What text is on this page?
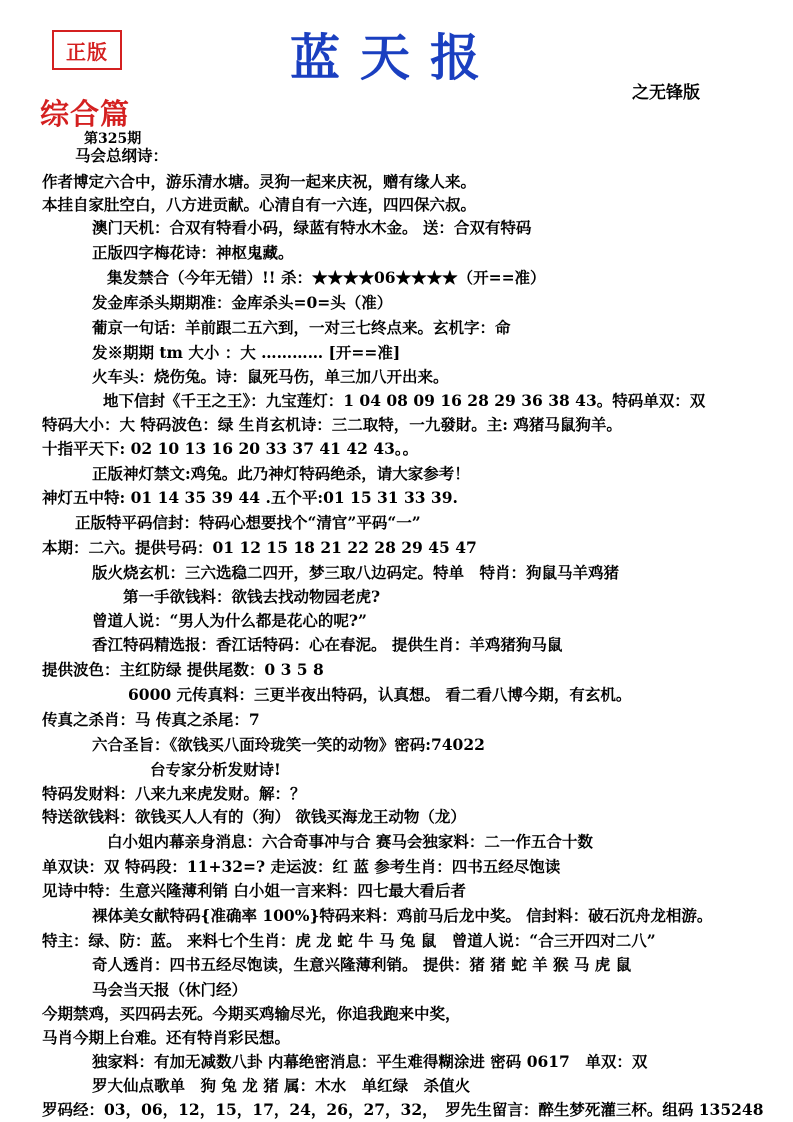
正版	蓝天报
之无锋版
综合篇
第325期
马会总纲诗：
作者博定六合中，游乐清水塘。灵狗一起来庆祝，赠有缘人来。
本挂自家肚空白，八方进贡献。心清自有一六连，四四保六叔。
澳门天机：合双有特看小码，绿蓝有特水木金。 送：合双有特码
正版四字梅花诗：神枢鬼藏。
集发禁合（今年无错）!! 杀：★★★★06★★★★（开==准）
发金库杀头期期准：金库杀头=0=头（准）
葡京一句话：羊前跟二五六到，一对三七终点来。玄机字：命
发※期期 tm 大小 ：大 ………… [开==准]
火车头：烧伤兔。诗：鼠死马伤，单三加八开出来。
地下信封《千王之王》：九宝莲灯：1 04 08 09 16 28 29 36 38 43。特码单双：双
特码大小：大 特码波色：绿 生肖玄机诗：三二取特，一九發財。主: 鸡猪马鼠狗羊。
十指平天下: 02 10 13 16 20 33 37 41 42 43。。
正版神灯禁文:鸡兔。此乃神灯特码绝杀，请大家参考！
神灯五中特: 01 14 35 39 44 .五个平:01 15 31 33 39.
正版特平码信封：特码心想要找个“清官”平码“一”
本期：二六。提供号码：01 12 15 18 21 22 28 29 45 47
版火烧玄机：三六选稳二四开，梦三取八边码定。特单　特肖：狗鼠马羊鸡猪
第一手欲钱料：欲钱去找动物园老虎?
曾道人说：“男人为什么都是花心的呢?”
香江特码精选报：香江话特码：心在春泥。 提供生肖：羊鸡猪狗马鼠
提供波色：主红防绿 提供尾数：0 3 5 8
6000 元传真料：三更半夜出特码，认真想。 看二看八博今期，有玄机。
传真之杀肖：马 传真之杀尾：7
六合圣旨：《欲钱买八面玲珑笑一笑的动物》密码:74022
台专家分析发财诗!
特码发财料：八来九来虎发财。解：？
特送欲钱料：欲钱买人人有的（狗） 欲钱买海龙王动物（龙）
白小姐内幕亲身消息：六合奇事冲与合 赛马会独家料：二一作五合十数
单双诀：双 特码段：11+32=? 走运波：红 蓝 参考生肖：四书五经尽饱读
见诗中特：生意兴隆薄利销 白小姐一言来料：四七最大看后者
裸体美女献特码{准确率 100%}特码来料：鸡前马后龙中奖。 信封料：破石沉舟龙相游。
特主：绿、防：蓝。 来料七个生肖：虎 龙 蛇 牛 马 兔 鼠　曾道人说：“合三开四对二八”
奇人透肖：四书五经尽饱读，生意兴隆薄利销。 提供：猪 猪 蛇 羊 猴 马 虎 鼠
马会当天报（休门经）
今期禁鸡，买四码去死。今期买鸡输尽光，你追我跑来中奖，
马肖今期上台难。还有特肖彩民想。
独家料：有加无减数八卦 内幕绝密消息：平生难得糊涂进 密码 0617　单双：双
罗大仙点歌单　狗 兔 龙 猪 属：木水　单红绿　杀值火
罗码经：03，06，12，15，17，24，26，27，32，　罗先生留言：醉生梦死灌三杯。组码 135248
